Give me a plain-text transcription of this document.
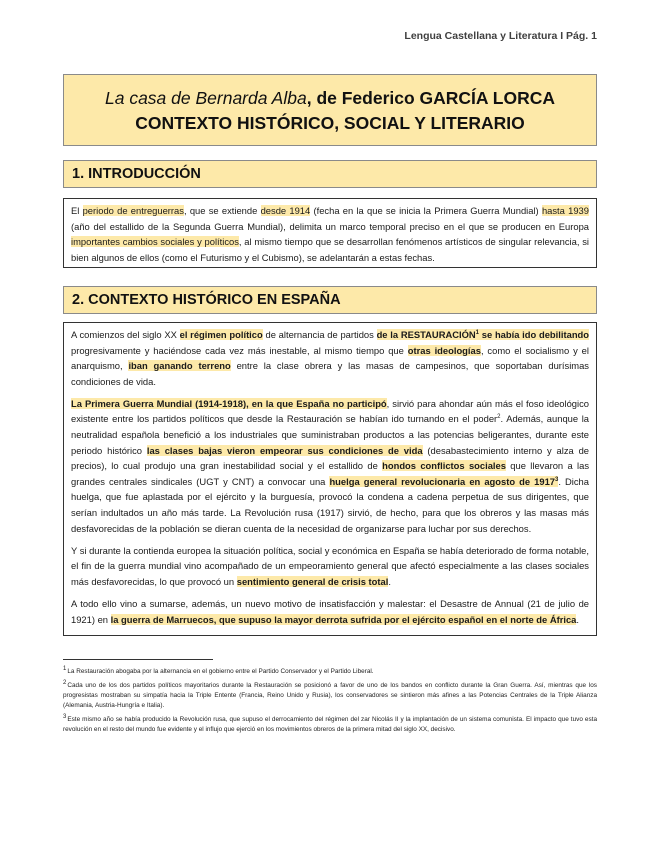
Lengua Castellana y Literatura I Pág. 1
La casa de Bernarda Alba, de Federico GARCÍA LORCA
CONTEXTO HISTÓRICO, SOCIAL Y LITERARIO
1. INTRODUCCIÓN

El periodo de entreguerras, que se extiende desde 1914 (fecha en la que se inicia la Primera Guerra Mundial) hasta 1939 (año del estallido de la Segunda Guerra Mundial), delimita un marco temporal preciso en el que se producen en Europa importantes cambios sociales y políticos, al mismo tiempo que se desarrollan fenómenos artísticos de singular relevancia, si bien algunos de ellos (como el Futurismo y el Cubismo), se adelantarán a estas fechas.

2. CONTEXTO HISTÓRICO EN ESPAÑA

A comienzos del siglo XX el régimen político de alternancia de partidos de la RESTAURACIÓN$^1$ se había ido debilitando progresivamente y haciéndose cada vez más inestable, al mismo tiempo que otras ideologías, como el socialismo y el anarquismo, iban ganando terreno entre la clase obrera y las masas de campesinos, que soportaban durísimas condiciones de vida.

La Primera Guerra Mundial (1914-1918), en la que España no participó, sirvió para ahondar aún más el foso ideológico existente entre los partidos políticos que desde la Restauración se habían ido turnando en el poder$^2$. Además, aunque la neutralidad española benefició a los industriales que suministraban productos a las potencias beligerantes, durante este periodo histórico las clases bajas vieron empeorar sus condiciones de vida (desabastecimiento interno y alza de precios), lo cual produjo una gran inestabilidad social y el estallido de hondos conflictos sociales que llevaron a las grandes centrales sindicales (UGT y CNT) a convocar una huelga general revolucionaria en agosto de 1917$^3$. Dicha huelga, que fue aplastada por el ejército y la burguesía, provocó la condena a cadena perpetua de sus dirigentes, que serían indultados un año más tarde. La Revolución rusa (1917) sirvió, de hecho, para que los obreros y las masas más desfavorecidas de la población se dieran cuenta de la necesidad de organizarse para luchar por sus derechos.

Y si durante la contienda europea la situación política, social y económica en España se había deteriorado de forma notable, el fin de la guerra mundial vino acompañado de un empeoramiento general que afectó especialmente a las clases sociales más desfavorecidas, lo que provocó un sentimiento general de crisis total.

A todo ello vino a sumarse, además, un nuevo motivo de insatisfacción y malestar: el Desastre de Annual (21 de julio de 1921) en la guerra de Marruecos, que supuso la mayor derrota sufrida por el ejército español en el norte de África.

1La Restauración abogaba por la alternancia en el gobierno entre el Partido Conservador y el Partido Liberal.
2Cada uno de los dos partidos políticos mayoritarios durante la Restauración se posicionó a favor de uno de los bandos en conflicto durante la Gran Guerra. Así, mientras que los progresistas mostraban su simpatía hacia la Triple Entente (Francia, Reino Unido y Rusia), los conservadores se sintieron más afines a las Potencias Centrales de la Triple Alianza (Alemania, Austria-Hungría e Italia).
3Este mismo año se había producido la Revolución rusa, que supuso el derrocamiento del régimen del zar Nicolás II y la implantación de un sistema comunista. El impacto que tuvo esta revolución en el resto del mundo fue evidente y el influjo que ejerció en los movimientos obreros de la primera mitad del siglo XX, decisivo.
